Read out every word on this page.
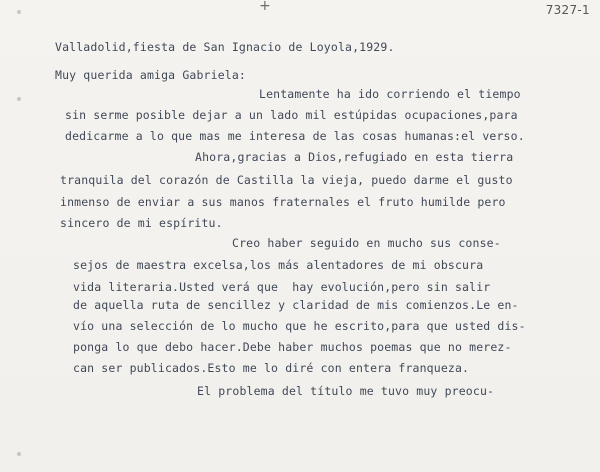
+	7327-1
Valladolid,fiesta de San Ignacio de Loyola,1929.
Muy querida amiga Gabriela:
Lentamente ha ido corriendo el tiempo
sin serme posible dejar a un lado mil estúpidas ocupaciones,para
dedicarme a lo que mas me interesa de las cosas humanas:el verso.
Ahora,gracias a Dios,refugiado en esta tierra
tranquila del corazón de Castilla la vieja, puedo darme el gusto
inmenso de enviar a sus manos fraternales el fruto humilde pero
sincero de mi espíritu.
Creo haber seguido en mucho sus conse-
sejos de maestra excelsa,los más alentadores de mi obscura
vida literaria.Usted verá que  hay evolución,pero sin salir
de aquella ruta de sencillez y claridad de mis comienzos.Le en-
vío una selección de lo mucho que he escrito,para que usted dis-
ponga lo que debo hacer.Debe haber muchos poemas que no merez-
can ser publicados.Esto me lo diré con entera franqueza.
El problema del título me tuvo muy preocu-
